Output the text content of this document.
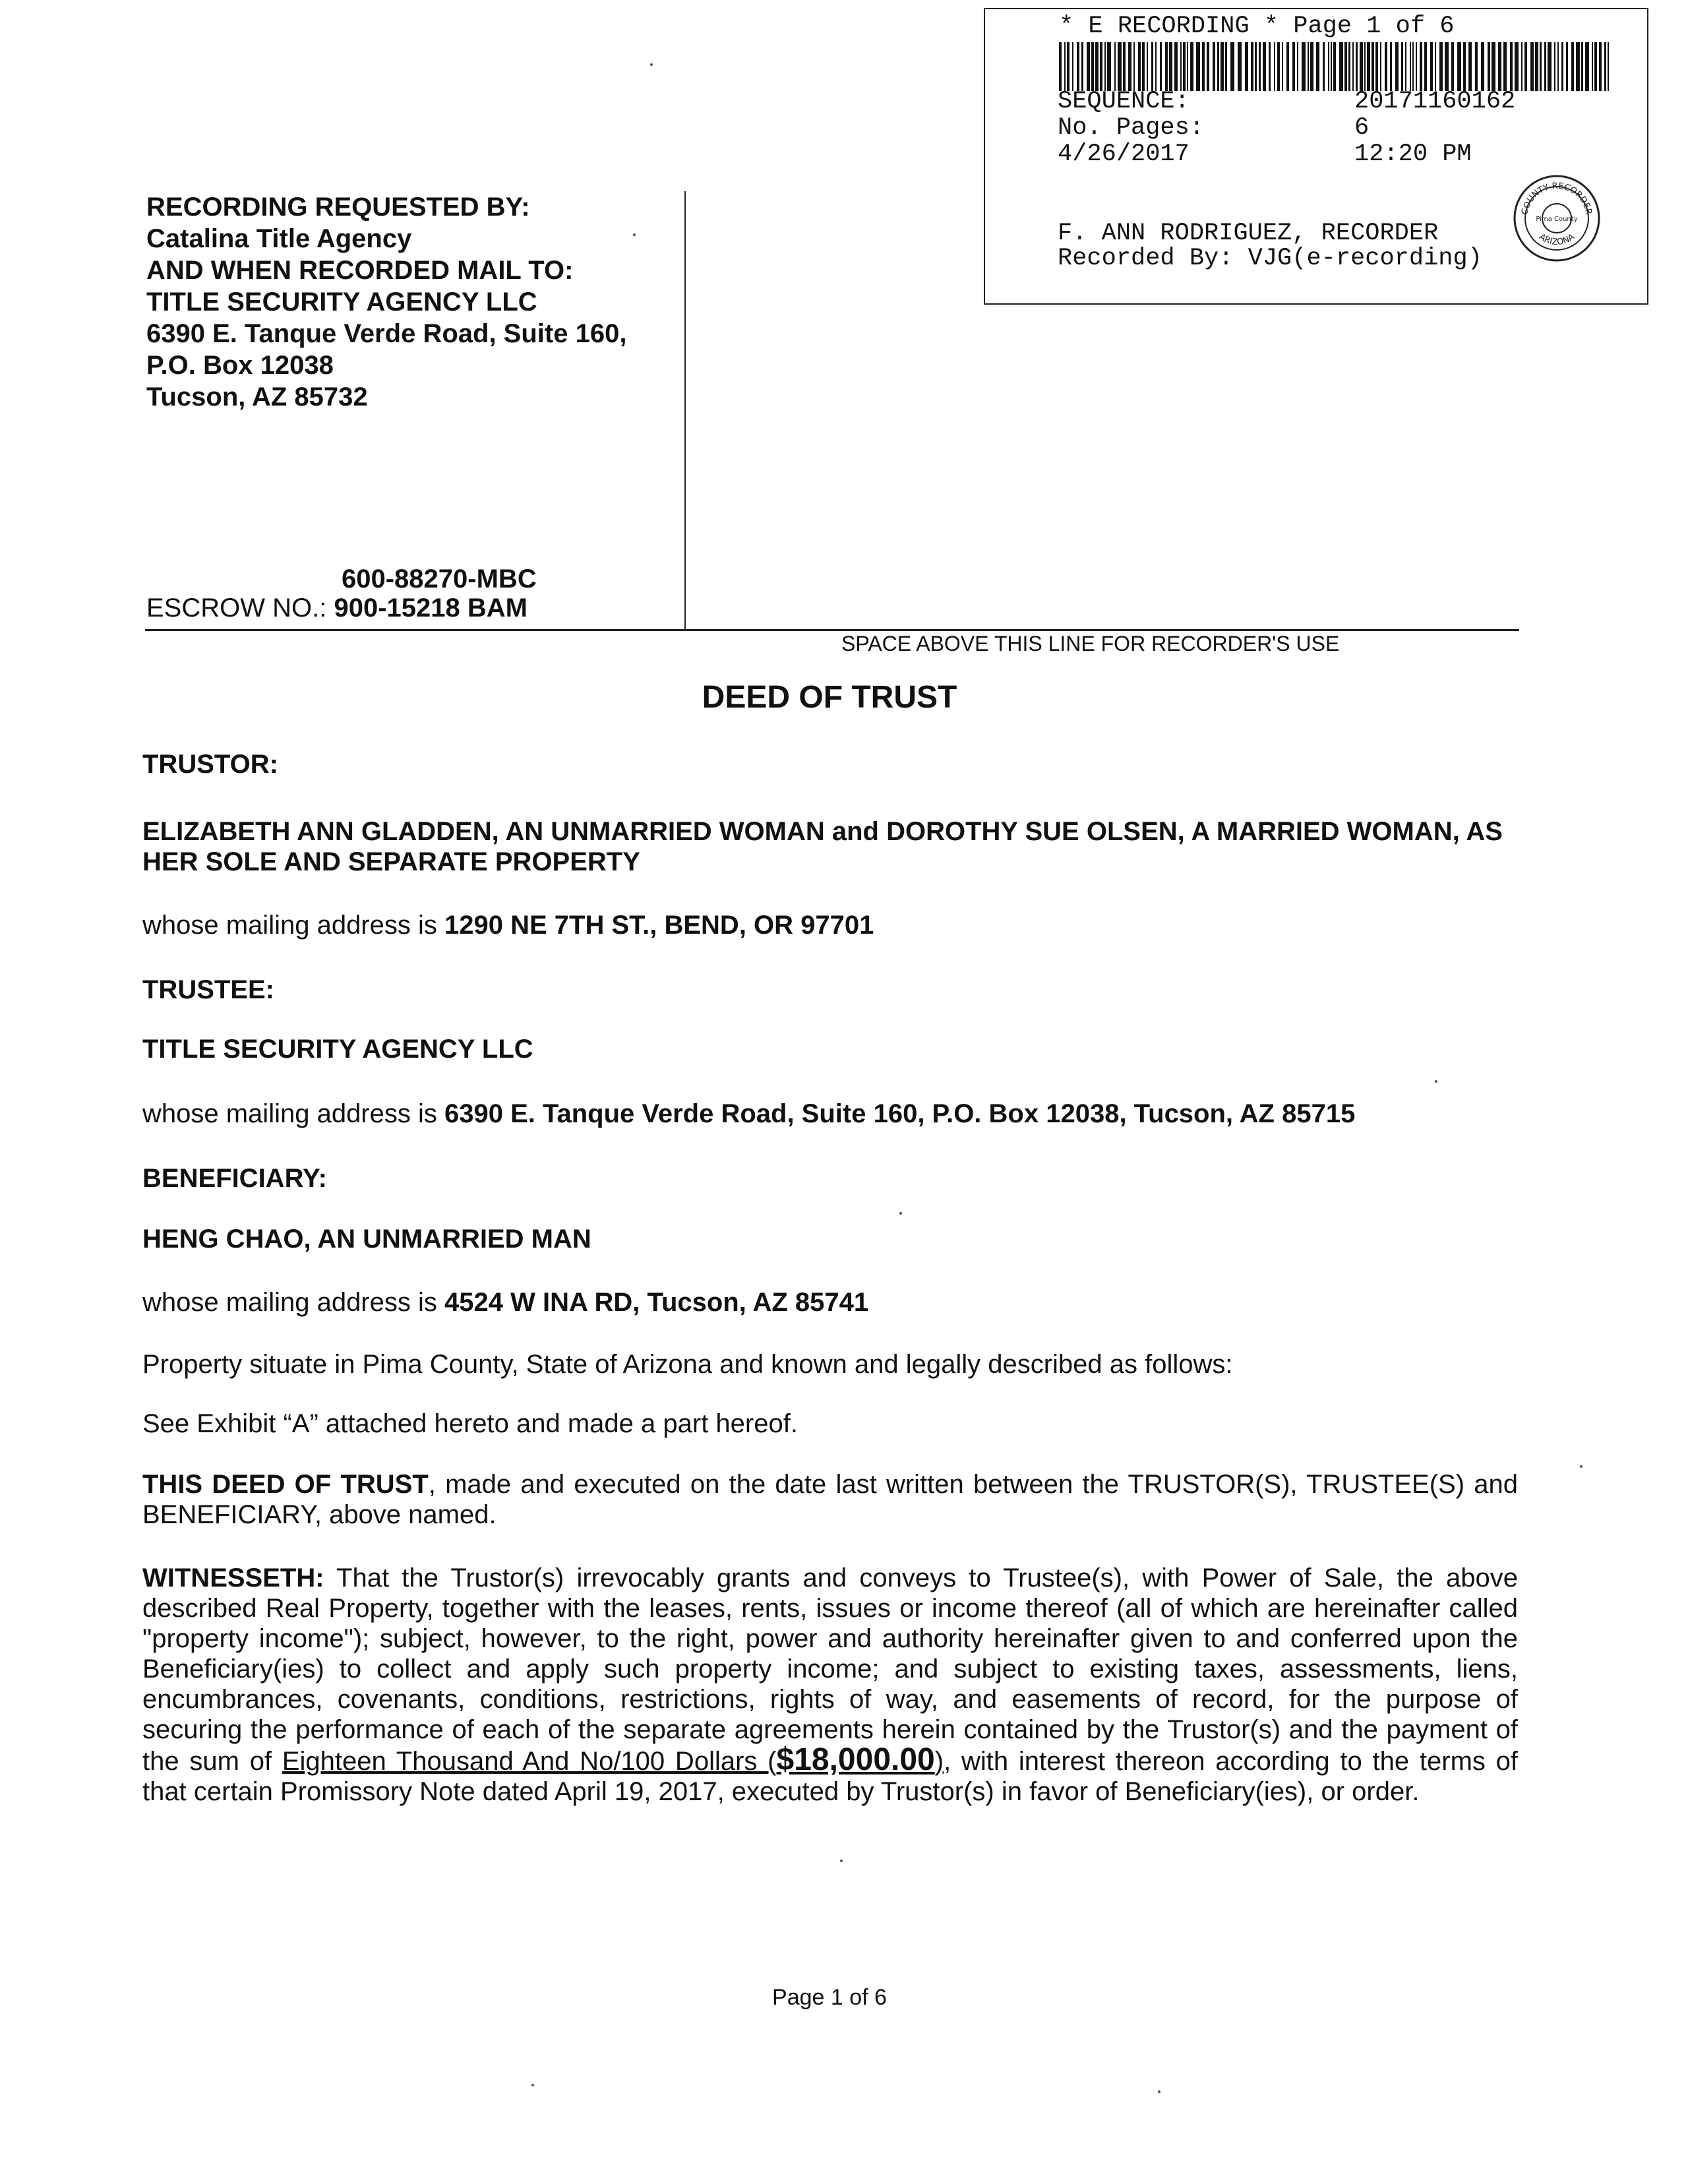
* E RECORDING * Page 1 of 6
SEQUENCE:	20171160162
No. Pages:	6
4/26/2017	12:20 PM
F. ANN RODRIGUEZ, RECORDER
Recorded By: VJG(e-recording)
COUNTY RECORDER
Pima County
ARIZONA
RECORDING REQUESTED BY:
Catalina Title Agency
AND WHEN RECORDED MAIL TO:
TITLE SECURITY AGENCY LLC
6390 E. Tanque Verde Road, Suite 160,
P.O. Box 12038
Tucson, AZ 85732
600-88270-MBC
ESCROW NO.: 900-15218 BAM
SPACE ABOVE THIS LINE FOR RECORDER'S USE
DEED OF TRUST
TRUSTOR:
ELIZABETH ANN GLADDEN, AN UNMARRIED WOMAN and DOROTHY SUE OLSEN, A MARRIED WOMAN, AS HER SOLE AND SEPARATE PROPERTY
whose mailing address is 1290 NE 7TH ST., BEND, OR 97701
TRUSTEE:
TITLE SECURITY AGENCY LLC
whose mailing address is 6390 E. Tanque Verde Road, Suite 160, P.O. Box 12038, Tucson, AZ 85715
BENEFICIARY:
HENG CHAO, AN UNMARRIED MAN
whose mailing address is 4524 W INA RD, Tucson, AZ 85741
Property situate in Pima County, State of Arizona and known and legally described as follows:
See Exhibit “A” attached hereto and made a part hereof.
THIS DEED OF TRUST, made and executed on the date last written between the TRUSTOR(S), TRUSTEE(S) and BENEFICIARY, above named.
WITNESSETH: That the Trustor(s) irrevocably grants and conveys to Trustee(s), with Power of Sale, the above described Real Property, together with the leases, rents, issues or income thereof (all of which are hereinafter called "property income"); subject, however, to the right, power and authority hereinafter given to and conferred upon the Beneficiary(ies) to collect and apply such property income; and subject to existing taxes, assessments, liens, encumbrances, covenants, conditions, restrictions, rights of way, and easements of record, for the purpose of securing the performance of each of the separate agreements herein contained by the Trustor(s) and the payment of the sum of Eighteen Thousand And No/100 Dollars ($18,000.00), with interest thereon according to the terms of that certain Promissory Note dated April 19, 2017, executed by Trustor(s) in favor of Beneficiary(ies), or order.
Page 1 of 6
